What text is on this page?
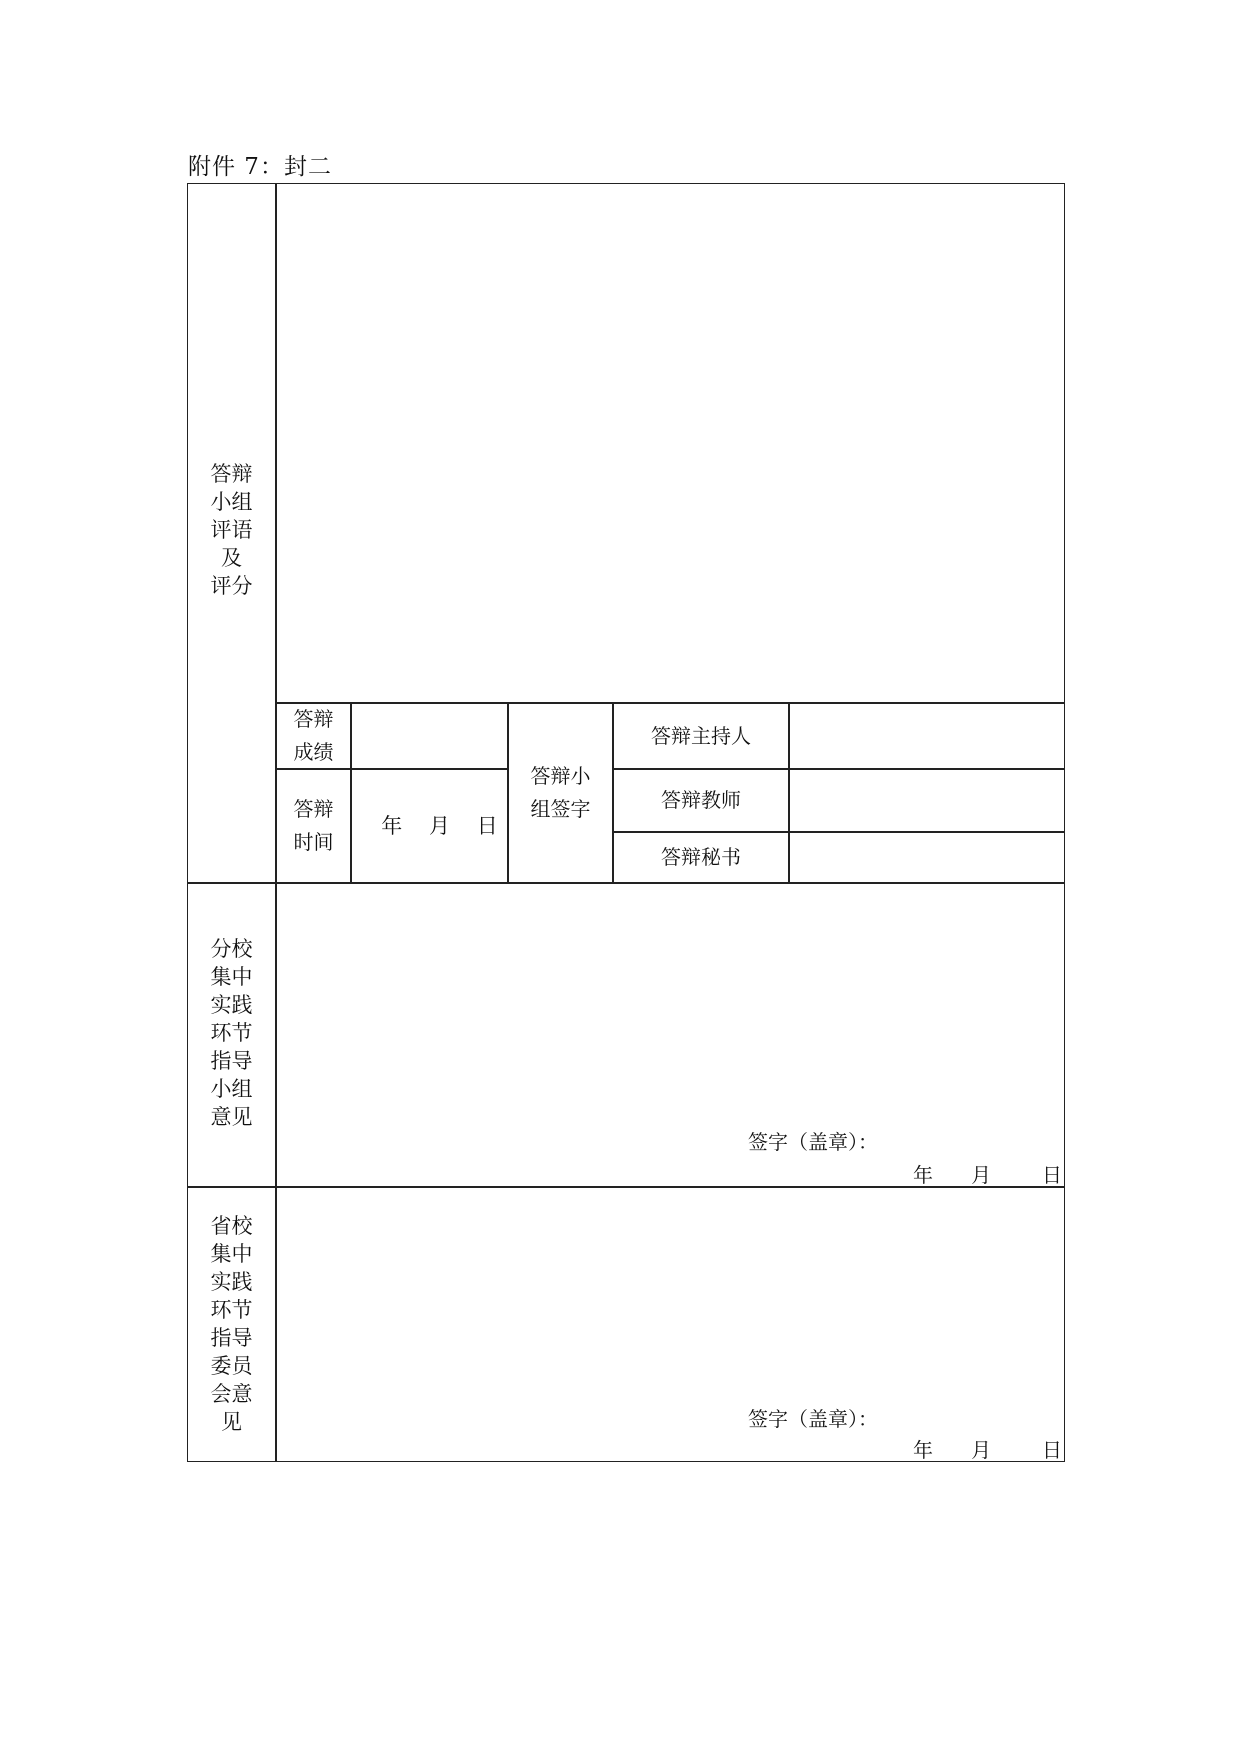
附件 7：封二
答辩
小组
评语
及
评分
答辩
成绩
答辩
时间
年    月    日
答辩小
组签字
答辩主持人
答辩教师
答辩秘书
分校
集中
实践
环节
指导
小组
意见
签字（盖章）：
年      月        日
省校
集中
实践
环节
指导
委员
会意
见	签字（盖章）：
年      月        日
